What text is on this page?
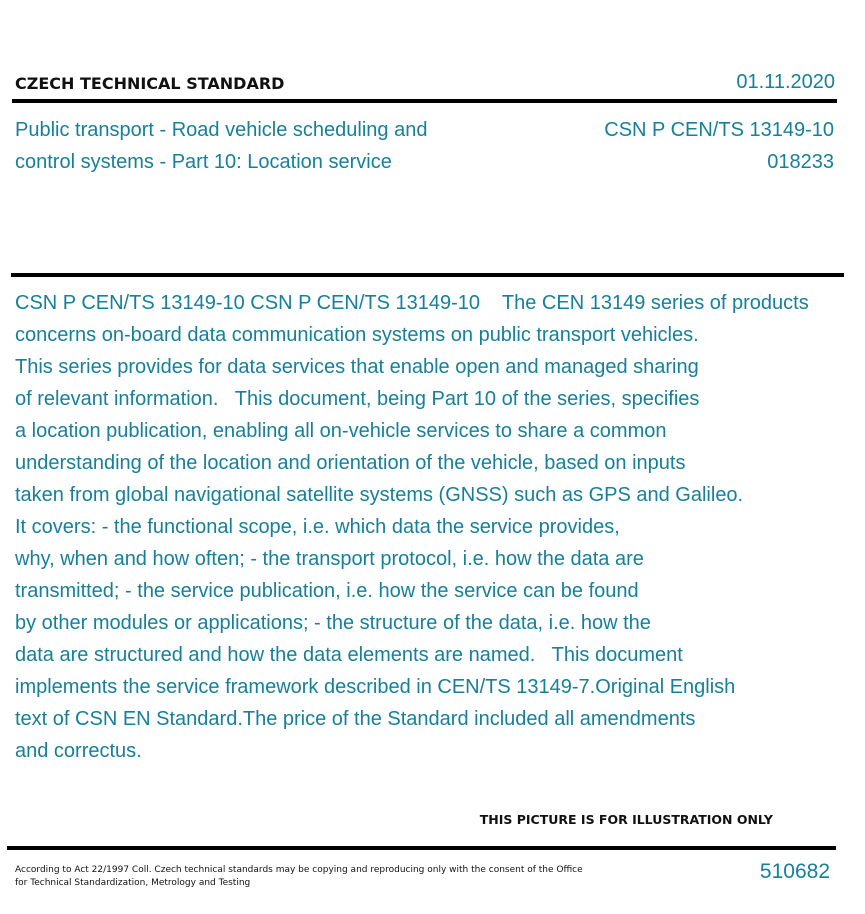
CZECH TECHNICAL STANDARD	01.11.2020
Public transport - Road vehicle scheduling and
control systems - Part 10: Location service
CSN P CEN/TS 13149-10
018233
CSN P CEN/TS 13149-10 CSN P CEN/TS 13149-10    The CEN 13149 series of products
concerns on-board data communication systems on public transport vehicles.
This series provides for data services that enable open and managed sharing
of relevant information.   This document, being Part 10 of the series, specifies
a location publication, enabling all on-vehicle services to share a common
understanding of the location and orientation of the vehicle, based on inputs
taken from global navigational satellite systems (GNSS) such as GPS and Galileo.
It covers: - the functional scope, i.e. which data the service provides,
why, when and how often; - the transport protocol, i.e. how the data are
transmitted; - the service publication, i.e. how the service can be found
by other modules or applications; - the structure of the data, i.e. how the
data are structured and how the data elements are named.   This document
implements the service framework described in CEN/TS 13149-7.Original English
text of CSN EN Standard.The price of the Standard included all amendments
and correctus.
THIS PICTURE IS FOR ILLUSTRATION ONLY
According to Act 22/1997 Coll. Czech technical standards may be copying and reproducing only with the consent of the Office
for Technical Standardization, Metrology and Testing	510682
